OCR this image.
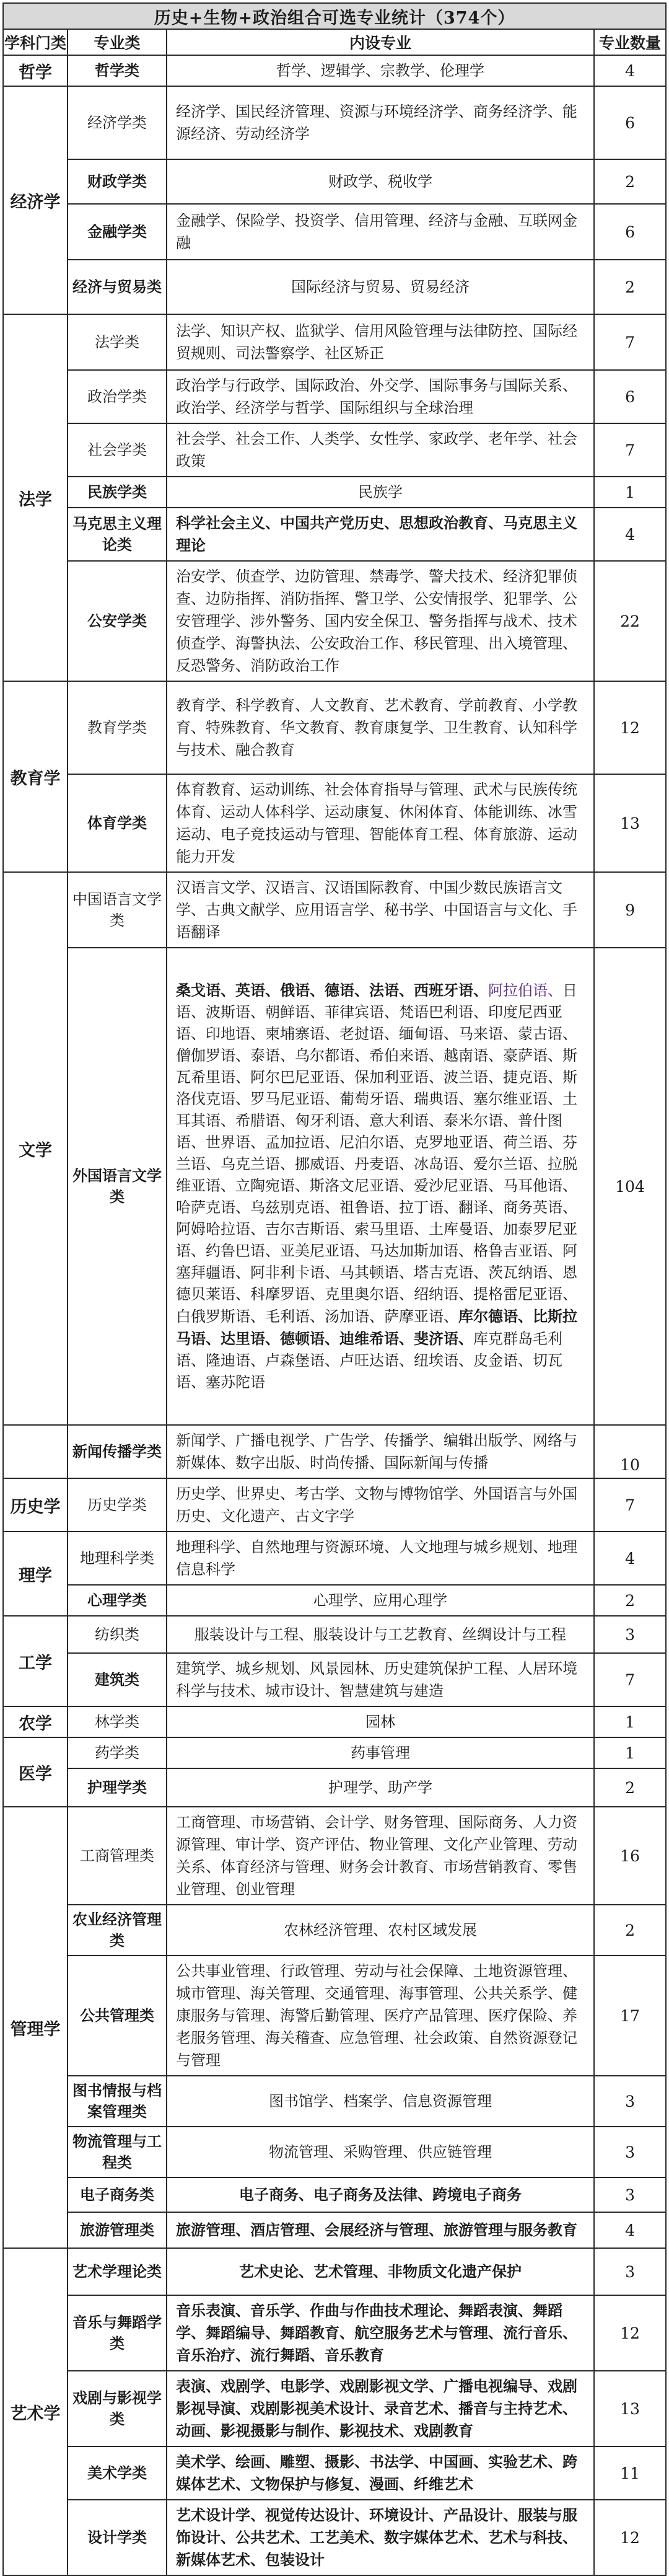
历史+生物+政治组合可选专业统计（374个）			
学科门类	专业类	内设专业	专业数量
哲学	哲学类	哲学、逻辑学、宗教学、伦理学	4
经济学	经济学类	经济学、国民经济管理、资源与环境经济学、商务经济学、能源经济、劳动经济学	6
	财政学类	财政学、税收学	2
	金融学类	金融学、保险学、投资学、信用管理、经济与金融、互联网金融	6
	经济与贸易类	国际经济与贸易、贸易经济	2
法学	法学类	法学、知识产权、监狱学、信用风险管理与法律防控、国际经贸规则、司法警察学、社区矫正	7
	政治学类	政治学与行政学、国际政治、外交学、国际事务与国际关系、政治学、经济学与哲学、国际组织与全球治理	6
	社会学类	社会学、社会工作、人类学、女性学、家政学、老年学、社会政策	7
	民族学类	民族学	1
	马克思主义理论类	科学社会主义、中国共产党历史、思想政治教育、马克思主义理论	4
	公安学类	治安学、侦查学、边防管理、禁毒学、警犬技术、经济犯罪侦查、边防指挥、消防指挥、警卫学、公安情报学、犯罪学、公安管理学、涉外警务、国内安全保卫、警务指挥与战术、技术侦查学、海警执法、公安政治工作、移民管理、出入境管理、反恐警务、消防政治工作	22
教育学	教育学类	教育学、科学教育、人文教育、艺术教育、学前教育、小学教育、特殊教育、华文教育、教育康复学、卫生教育、认知科学与技术、融合教育	12
	体育学类	体育教育、运动训练、社会体育指导与管理、武术与民族传统体育、运动人体科学、运动康复、休闲体育、体能训练、冰雪运动、电子竞技运动与管理、智能体育工程、体育旅游、运动能力开发	13
文学	中国语言文学类	汉语言文学、汉语言、汉语国际教育、中国少数民族语言文学、古典文献学、应用语言学、秘书学、中国语言与文化、手语翻译	9
	外国语言文学类	桑戈语、英语、俄语、德语、法语、西班牙语、阿拉伯语、日语、波斯语、朝鲜语、菲律宾语、梵语巴利语、印度尼西亚语、印地语、柬埔寨语、老挝语、缅甸语、马来语、蒙古语、僧伽罗语、泰语、乌尔都语、希伯来语、越南语、豪萨语、斯瓦希里语、阿尔巴尼亚语、保加利亚语、波兰语、捷克语、斯洛伐克语、罗马尼亚语、葡萄牙语、瑞典语、塞尔维亚语、土耳其语、希腊语、匈牙利语、意大利语、泰米尔语、普什图语、世界语、孟加拉语、尼泊尔语、克罗地亚语、荷兰语、芬兰语、乌克兰语、挪威语、丹麦语、冰岛语、爱尔兰语、拉脱维亚语、立陶宛语、斯洛文尼亚语、爱沙尼亚语、马耳他语、哈萨克语、乌兹别克语、祖鲁语、拉丁语、翻译、商务英语、阿姆哈拉语、吉尔吉斯语、索马里语、土库曼语、加泰罗尼亚语、约鲁巴语、亚美尼亚语、马达加斯加语、格鲁吉亚语、阿塞拜疆语、阿非利卡语、马其顿语、塔吉克语、茨瓦纳语、恩德贝莱语、科摩罗语、克里奥尔语、绍纳语、提格雷尼亚语、白俄罗斯语、毛利语、汤加语、萨摩亚语、库尔德语、比斯拉马语、达里语、德顿语、迪维希语、斐济语、库克群岛毛利语、隆迪语、卢森堡语、卢旺达语、纽埃语、皮金语、切瓦语、塞苏陀语	104
	新闻传播学类	新闻学、广播电视学、广告学、传播学、编辑出版学、网络与新媒体、数字出版、时尚传播、国际新闻与传播	10
历史学	历史学类	历史学、世界史、考古学、文物与博物馆学、外国语言与外国历史、文化遗产、古文字学	7
理学	地理科学类	地理科学、自然地理与资源环境、人文地理与城乡规划、地理信息科学	4
	心理学类	心理学、应用心理学	2
工学	纺织类	服装设计与工程、服装设计与工艺教育、丝绸设计与工程	3
	建筑类	建筑学、城乡规划、风景园林、历史建筑保护工程、人居环境科学与技术、城市设计、智慧建筑与建造	7
农学	林学类	园林	1
医学	药学类	药事管理	1
	护理学类	护理学、助产学	2
管理学	工商管理类	工商管理、市场营销、会计学、财务管理、国际商务、人力资源管理、审计学、资产评估、物业管理、文化产业管理、劳动关系、体育经济与管理、财务会计教育、市场营销教育、零售业管理、创业管理	16
	农业经济管理类	农林经济管理、农村区域发展	2
	公共管理类	公共事业管理、行政管理、劳动与社会保障、土地资源管理、城市管理、海关管理、交通管理、海事管理、公共关系学、健康服务与管理、海警后勤管理、医疗产品管理、医疗保险、养老服务管理、海关稽查、应急管理、社会政策、自然资源登记与管理	17
	图书情报与档案管理类	图书馆学、档案学、信息资源管理	3
	物流管理与工程类	物流管理、采购管理、供应链管理	3
	电子商务类	电子商务、电子商务及法律、跨境电子商务	3
	旅游管理类	旅游管理、酒店管理、会展经济与管理、旅游管理与服务教育	4
艺术学	艺术学理论类	艺术史论、艺术管理、非物质文化遗产保护	3
	音乐与舞蹈学类	音乐表演、音乐学、作曲与作曲技术理论、舞蹈表演、舞蹈学、舞蹈编导、舞蹈教育、航空服务艺术与管理、流行音乐、音乐治疗、流行舞蹈、音乐教育	12
	戏剧与影视学类	表演、戏剧学、电影学、戏剧影视文学、广播电视编导、戏剧影视导演、戏剧影视美术设计、录音艺术、播音与主持艺术、动画、影视摄影与制作、影视技术、戏剧教育	13
	美术学类	美术学、绘画、雕塑、摄影、书法学、中国画、实验艺术、跨媒体艺术、文物保护与修复、漫画、纤维艺术	11
	设计学类	艺术设计学、视觉传达设计、环境设计、产品设计、服装与服饰设计、公共艺术、工艺美术、数字媒体艺术、艺术与科技、新媒体艺术、包装设计	12
